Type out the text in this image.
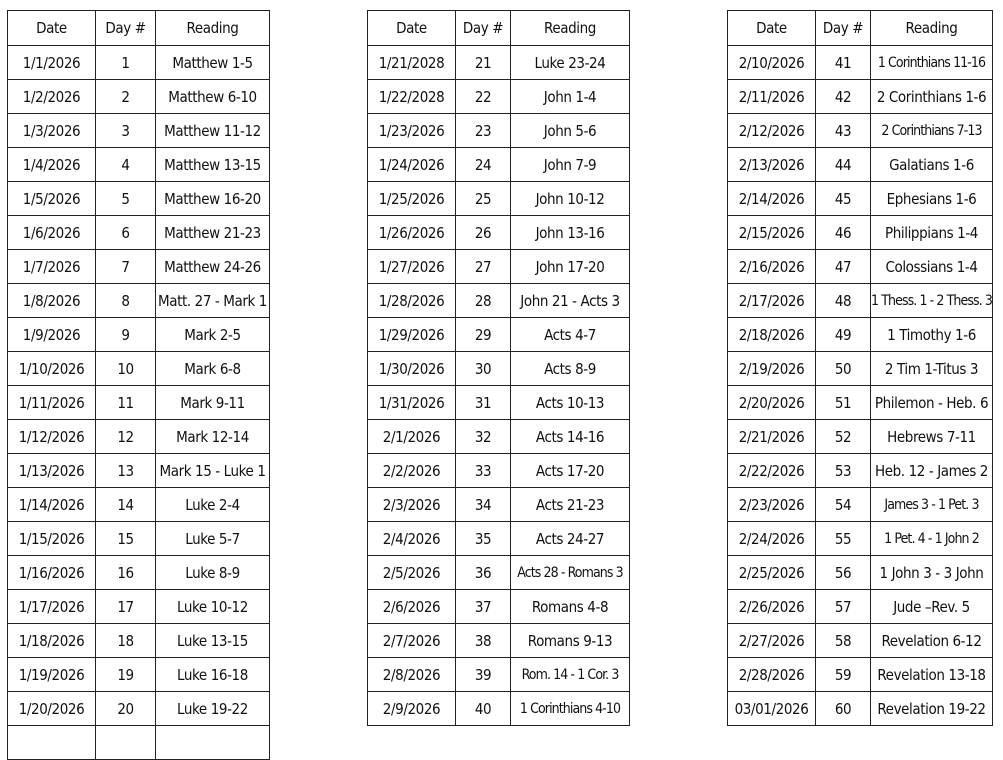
Date	Day #	Reading
1/1/2026	1	Matthew 1-5
1/2/2026	2	Matthew 6-10
1/3/2026	3	Matthew 11-12
1/4/2026	4	Matthew 13-15
1/5/2026	5	Matthew 16-20
1/6/2026	6	Matthew 21-23
1/7/2026	7	Matthew 24-26
1/8/2026	8	Matt. 27 - Mark 1
1/9/2026	9	Mark 2-5
1/10/2026	10	Mark 6-8
1/11/2026	11	Mark 9-11
1/12/2026	12	Mark 12-14
1/13/2026	13	Mark 15 - Luke 1
1/14/2026	14	Luke 2-4
1/15/2026	15	Luke 5-7
1/16/2026	16	Luke 8-9
1/17/2026	17	Luke 10-12
1/18/2026	18	Luke 13-15
1/19/2026	19	Luke 16-18
1/20/2026	20	Luke 19-22

Date	Day #	Reading
1/21/2028	21	Luke 23-24
1/22/2028	22	John 1-4
1/23/2026	23	John 5-6
1/24/2026	24	John 7-9
1/25/2026	25	John 10-12
1/26/2026	26	John 13-16
1/27/2026	27	John 17-20
1/28/2026	28	John 21 - Acts 3
1/29/2026	29	Acts 4-7
1/30/2026	30	Acts 8-9
1/31/2026	31	Acts 10-13
2/1/2026	32	Acts 14-16
2/2/2026	33	Acts 17-20
2/3/2026	34	Acts 21-23
2/4/2026	35	Acts 24-27
2/5/2026	36	Acts 28 - Romans 3
2/6/2026	37	Romans 4-8
2/7/2026	38	Romans 9-13
2/8/2026	39	Rom. 14 - 1 Cor. 3
2/9/2026	40	1 Corinthians 4-10
Date	Day #	Reading
2/10/2026	41	1 Corinthians 11-16
2/11/2026	42	2 Corinthians 1-6
2/12/2026	43	2 Corinthians 7-13
2/13/2026	44	Galatians 1-6
2/14/2026	45	Ephesians 1-6
2/15/2026	46	Philippians 1-4
2/16/2026	47	Colossians 1-4
2/17/2026	48	1 Thess. 1 - 2 Thess. 3
2/18/2026	49	1 Timothy 1-6
2/19/2026	50	2 Tim 1-Titus 3
2/20/2026	51	Philemon - Heb. 6
2/21/2026	52	Hebrews 7-11
2/22/2026	53	Heb. 12 - James 2
2/23/2026	54	James 3 - 1 Pet. 3
2/24/2026	55	1 Pet. 4 - 1 John 2
2/25/2026	56	1 John 3 - 3 John
2/26/2026	57	Jude –Rev. 5
2/27/2026	58	Revelation 6-12
2/28/2026	59	Revelation 13-18
03/01/2026	60	Revelation 19-22
